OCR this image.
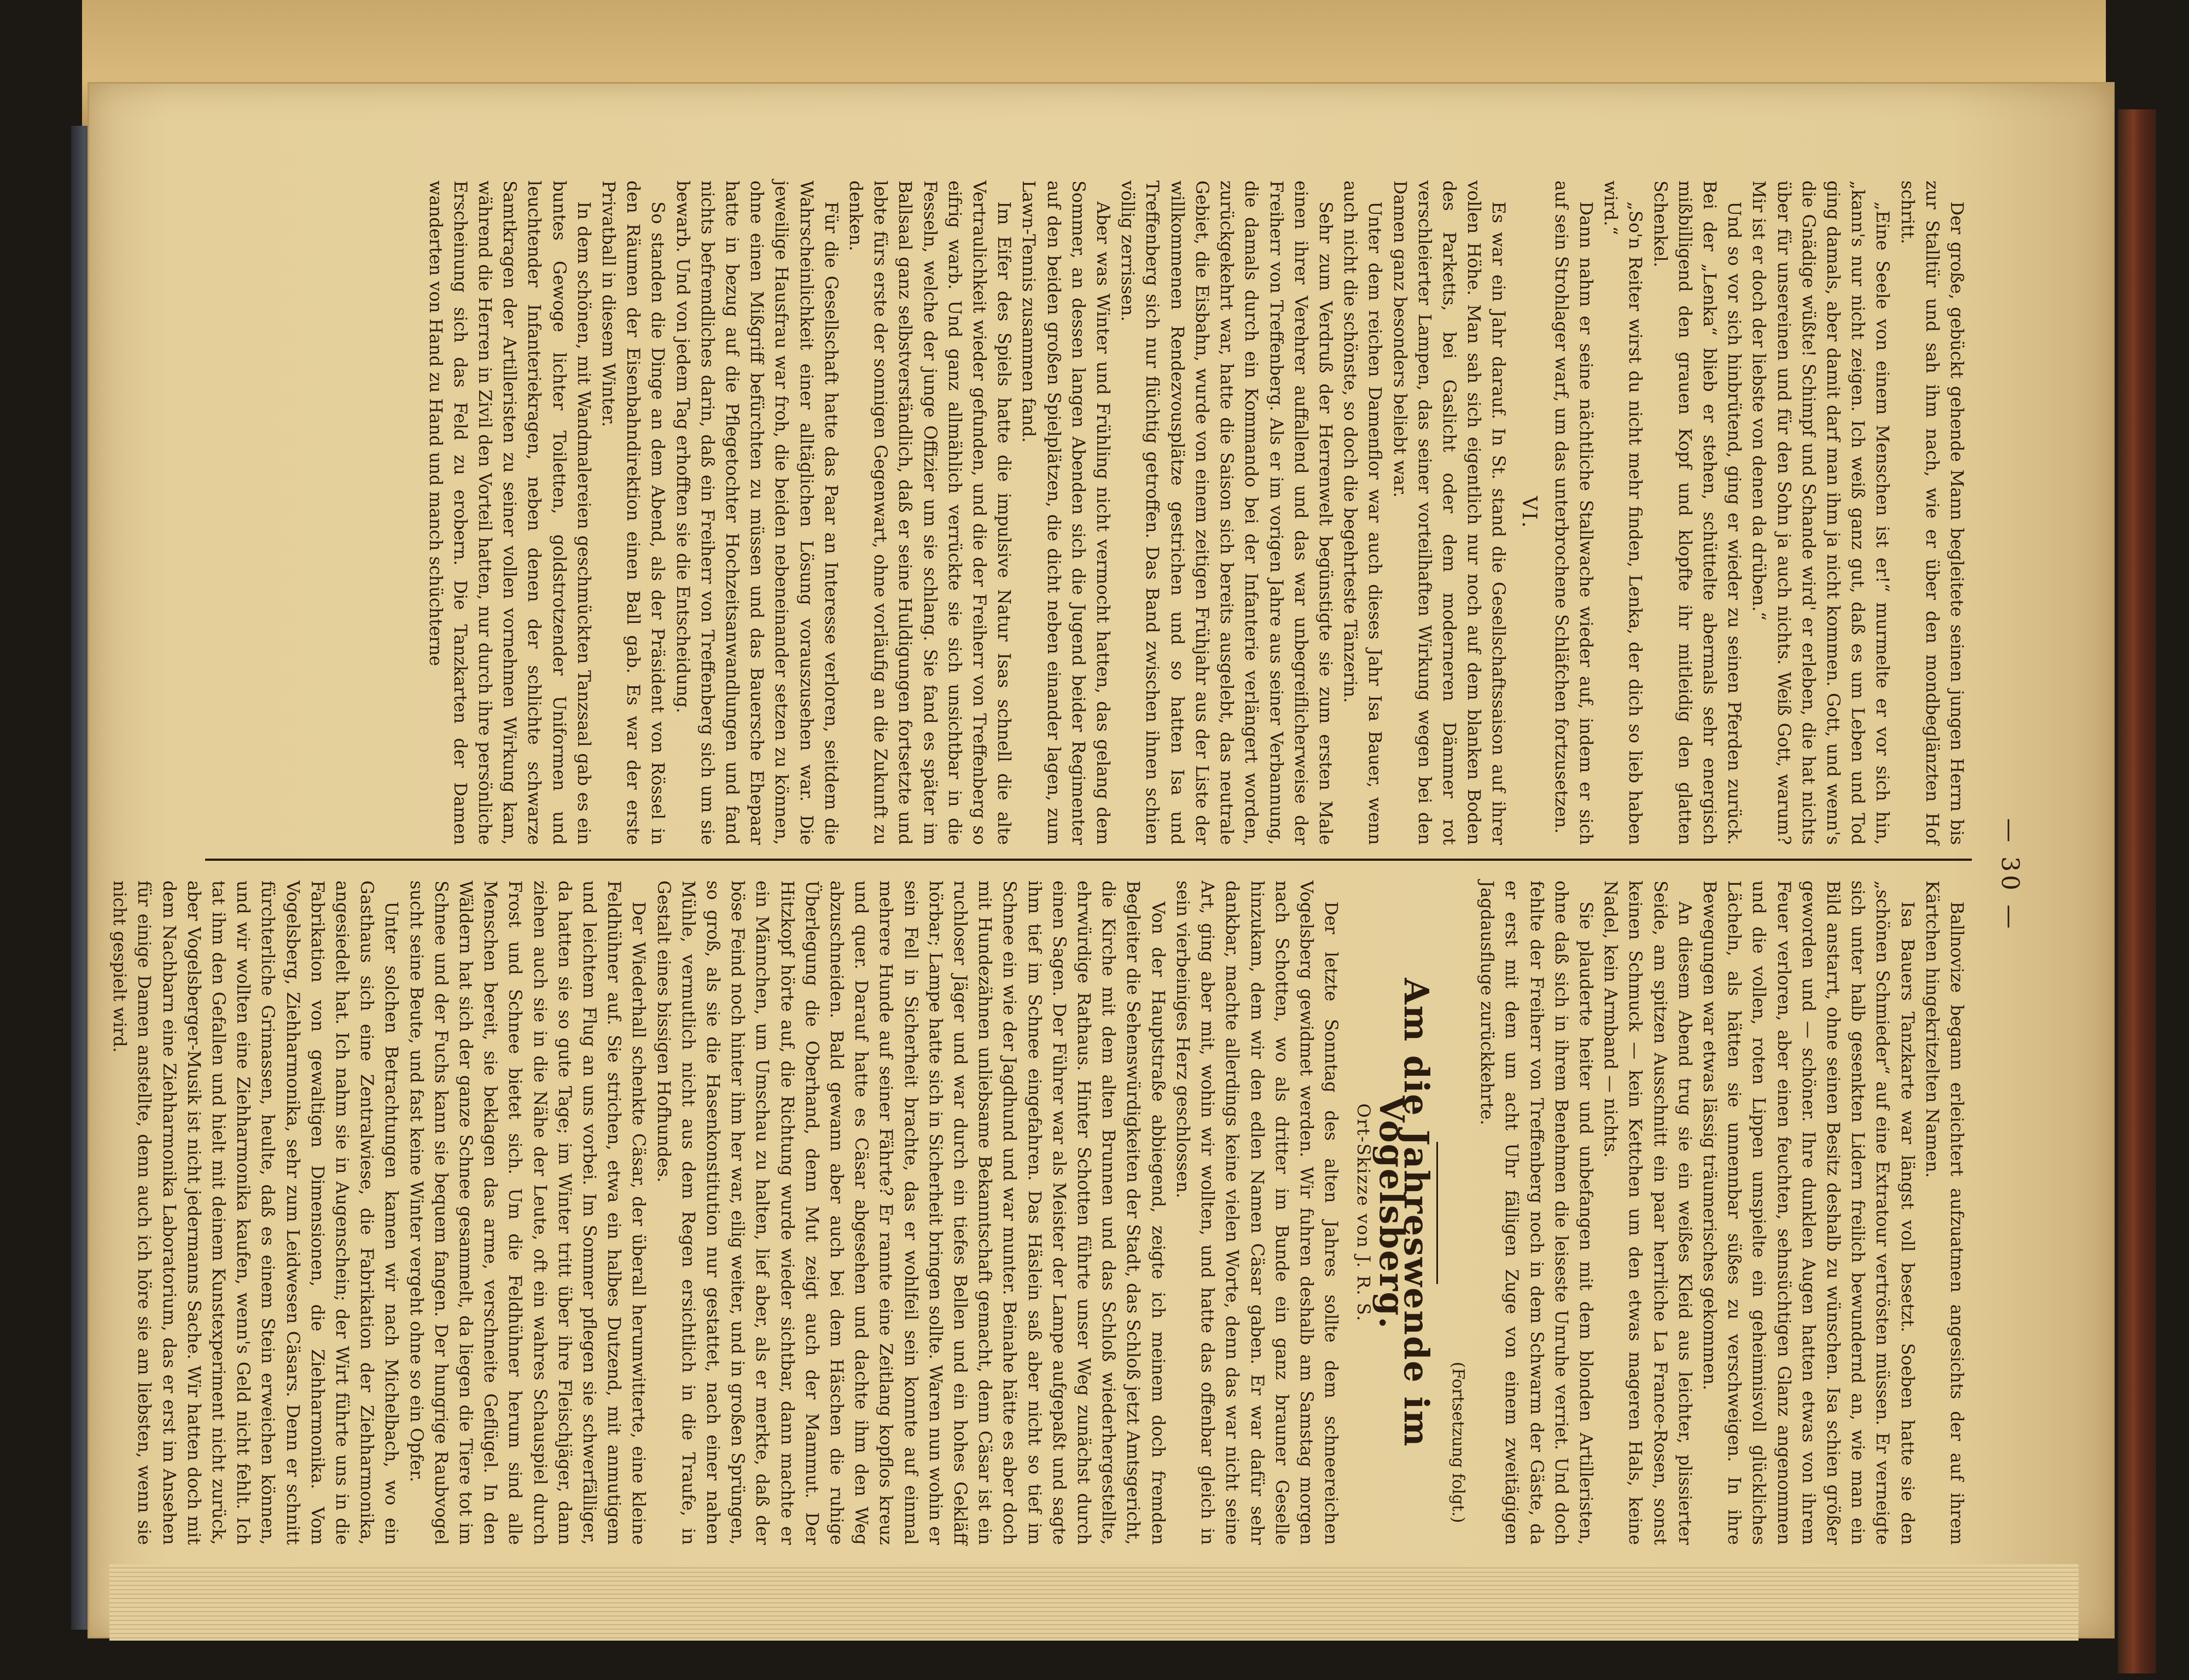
— 30 —

Der große, gebückt gehende Mann begleitete seinen jungen Herrn bis zur Stalltür und sah ihm nach, wie er über den mondbeglänzten Hof schritt.

„Eine Seele von einem Menschen ist er!“ murmelte er vor sich hin, „kann's nur nicht zeigen. Ich weiß ganz gut, daß es um Leben und Tod ging damals, aber damit darf man ihm ja nicht kommen. Gott, und wenn's die Gnädige wüßte! Schimpf und Schande wird' er erleben, die hat nichts über für unsereinen und für den Sohn ja auch nichts. Weiß Gott, warum? Mir ist er doch der liebste von denen da drüben.“

Und so vor sich hinbrütend, ging er wieder zu seinen Pferden zurück. Bei der „Lenka“ blieb er stehen, schüttelte abermals sehr energisch mißbilligend den grauen Kopf und klopfte ihr mitleidig den glatten Schenkel.

„So'n Reiter wirst du nicht mehr finden, Lenka, der dich so lieb haben wird.“

Dann nahm er seine nächtliche Stallwache wieder auf, indem er sich auf sein Strohlager warf, um das unterbrochene Schläfchen fortzusetzen.

VI.

Es war ein Jahr darauf. In St. stand die Gesellschaftssaison auf ihrer vollen Höhe. Man sah sich eigentlich nur noch auf dem blanken Boden des Parketts, bei Gaslicht oder dem moderneren Dämmer rot verschleierter Lampen, das seiner vorteilhaften Wirkung wegen bei den Damen ganz besonders beliebt war.

Unter dem reichen Damenflor war auch dieses Jahr Isa Bauer, wenn auch nicht die schönste, so doch die begehrteste Tänzerin.

Sehr zum Verdruß der Herrenwelt begünstigte sie zum ersten Male einen ihrer Verehrer auffallend und das war unbegreiflicherweise der Freiherr von Treffenberg. Als er im vorigen Jahre aus seiner Verbannung, die damals durch ein Kommando bei der Infanterie verlängert worden, zurückgekehrt war, hatte die Saison sich bereits ausgelebt, das neutrale Gebiet, die Eisbahn, wurde von einem zeitigen Frühjahr aus der Liste der willkommenen Rendezvousplätze gestrichen und so hatten Isa und Treffenberg sich nur flüchtig getroffen. Das Band zwischen ihnen schien völlig zerrissen.

Aber was Winter und Frühling nicht vermocht hatten, das gelang dem Sommer, an dessen langen Abenden sich die Jugend beider Regimenter auf den beiden großen Spielplätzen, die dicht neben einander lagen, zum Lawn-Tennis zusammen fand.

Im Eifer des Spiels hatte die impulsive Natur Isas schnell die alte Vertraulichkeit wieder gefunden, und die der Freiherr von Treffenberg so eifrig warb. Und ganz allmählich verrückte sie sich unsichtbar in die Fesseln, welche der junge Offizier um sie schlang. Sie fand es später im Ballsaal ganz selbstverständlich, daß er seine Huldigungen fortsetzte und lebte fürs erste der sonnigen Gegenwart, ohne vorläufig an die Zukunft zu denken.

Für die Gesellschaft hatte das Paar an Interesse verloren, seitdem die Wahrscheinlichkeit einer alltäglichen Lösung vorauszusehen war. Die jeweilige Hausfrau war froh, die beiden nebeneinander setzen zu können, ohne einen Mißgriff befürchten zu müssen und das Bauersche Ehepaar hatte in bezug auf die Pflegetochter Hochzeitsanwandlungen und fand nichts befremdliches darin, daß ein Freiherr von Treffenberg sich um sie bewarb. Und von jedem Tag erhofften sie die Entscheidung.

So standen die Dinge an dem Abend, als der Präsident von Rössel in den Räumen der Eisenbahndirektion einen Ball gab. Es war der erste Privatball in diesem Winter.

In dem schönen, mit Wandmalereien geschmückten Tanzsaal gab es ein buntes Gewoge lichter Toiletten, goldstrotzender Uniformen und leuchtender Infanteriekragen, neben denen der schlichte schwarze Samtkragen der Artilleristen zu seiner vollen vornehmen Wirkung kam, während die Herren in Zivil den Vorteil hatten, nur durch ihre persönliche Erscheinung sich das Feld zu erobern. Die Tanzkarten der Damen wanderten von Hand zu Hand und manch schüchterne

Ballnovize begann erleichtert aufzuatmen angesichts der auf ihrem Kärtchen hingekritzelten Namen.

Isa Bauers Tanzkarte war längst voll besetzt. Soeben hatte sie den „schönen Schmieder“ auf eine Extratour vertrösten müssen. Er verneigte sich unter halb gesenkten Lidern freilich bewundernd an, wie man ein Bild anstarrt, ohne seinen Besitz deshalb zu wünschen. Isa schien größer geworden und — schöner. Ihre dunklen Augen hatten etwas von ihrem Feuer verloren, aber einen feuchten, sehnsüchtigen Glanz angenommen und die vollen, roten Lippen umspielte ein geheimnisvoll glückliches Lächeln, als hätten sie unnennbar süßes zu verschweigen. In ihre Bewegungen war etwas lässig träumerisches gekommen.

An diesem Abend trug sie ein weißes Kleid aus leichter, plissierter Seide, am spitzen Ausschnitt ein paar herrliche La France-Rosen, sonst keinen Schmuck — kein Kettchen um den etwas mageren Hals, keine Nadel, kein Armband — nichts.

Sie plauderte heiter und unbefangen mit dem blonden Artilleristen, ohne daß sich in ihrem Benehmen die leiseste Unruhe verriet. Und doch fehlte der Freiherr von Treffenberg noch in dem Schwarm der Gäste, da er erst mit dem um acht Uhr fälligen Zuge von einem zweitägigen Jagdausfluge zurückkehrte.

(Fortsetzung folgt.)
Am die Jahreswende im Vogelsberg.
Ort-Skizze von J. R. S.

Der letzte Sonntag des alten Jahres sollte dem schneereichen Vogelsberg gewidmet werden. Wir fuhren deshalb am Samstag morgen nach Schotten, wo als dritter im Bunde ein ganz brauner Geselle hinzukam, dem wir den edlen Namen Cäsar gaben. Er war dafür sehr dankbar, machte allerdings keine vielen Worte, denn das war nicht seine Art, ging aber mit, wohin wir wollten, und hatte das offenbar gleich in sein vierbeiniges Herz geschlossen.

Von der Hauptstraße abbiegend, zeigte ich meinem doch fremden Begleiter die Sehenswürdigkeiten der Stadt, das Schloß jetzt Amtsgericht, die Kirche mit dem alten Brunnen und das Schloß wiederhergestellte, ehrwürdige Rathaus. Hinter Schotten führte unser Weg zunächst durch einen Sagen. Der Führer war als Meister der Lampe aufgepaßt und sagte ihm tief im Schnee eingefahren. Das Häslein saß aber nicht so tief im Schnee ein wie der Jagdhund und war munter. Beinahe hätte es aber doch mit Hundezähnen unliebsame Bekanntschaft gemacht, denn Cäsar ist ein ruchloser Jäger und war durch ein tiefes Bellen und ein hohes Gekläff hörbar; Lampe hatte sich in Sicherheit bringen sollte. Waren nun wohin er sein Fell in Sicherheit brachte, das er wohlfeil sein konnte auf einmal mehrere Hunde auf seiner Fährte? Er rannte eine Zeitlang kopflos kreuz und quer. Darauf hatte es Cäsar abgesehen und dachte ihm den Weg abzuschneiden. Bald gewann aber auch bei dem Häschen die ruhige Überlegung die Oberhand, denn Mut zeigt auch der Mammut. Der Hitzkopf hörte auf, die Richtung wurde wieder sichtbar, dann machte er ein Männchen, um Umschau zu halten, lief aber, als er merkte, daß der böse Feind noch hinter ihm her war, eilig weiter, und in großen Sprüngen, so groß, als sie die Hasenkonstitution nur gestattet, nach einer nahen Mühle, vermutlich nicht aus dem Regen ersichtlich in die Traufe, in Gestalt eines bissigen Hofhundes.

Der Wiederhall schenkte Cäsar, der überall herumwitterte, eine kleine Feldhühner auf. Sie strichen, etwa ein halbes Dutzend, mit anmutigem und leichtem Flug an uns vorbei. Im Sommer pflegen sie schwerfälliger, da hatten sie so gute Tage; im Winter tritt über ihre Fleischjäger, dann ziehen auch sie in die Nähe der Leute, oft ein wahres Schauspiel durch Frost und Schnee bietet sich. Um die Feldhühner herum sind alle Menschen bereit, sie beklagen das arme, verschneite Geflügel. In den Wäldern hat sich der ganze Schnee gesammelt, da liegen die Tiere tot im Schnee und der Fuchs kann sie bequem fangen. Der hungrige Raubvogel sucht seine Beute, und fast keine Winter vergeht ohne so ein Opfer.

Unter solchen Betrachtungen kamen wir nach Michelbach, wo ein Gasthaus sich eine Zentralwiese, die Fabrikation der Ziehharmonika, angesiedelt hat. Ich nahm sie in Augenschein; der Wirt führte uns in die Fabrikation von gewaltigen Dimensionen, die Ziehharmonika. Vom Vogelsberg, Ziehharmonika, sehr zum Leidwesen Cäsars. Denn er schnitt fürchterliche Grimassen, heulte, daß es einem Stein erweichen können, und wir wollten eine Ziehharmonika kaufen, wenn's Geld nicht fehlt. Ich tat ihm den Gefallen und hielt mit deinem Kunstexperiment nicht zurück, aber Vogelsberger-Musik ist nicht jedermanns Sache. Wir hatten doch mit dem Nachbarn eine Ziehharmonika Laboratorium, das er erst im Ansehen für einige Damen anstellte, denn auch ich höre sie am liebsten, wenn sie nicht gespielt wird.
